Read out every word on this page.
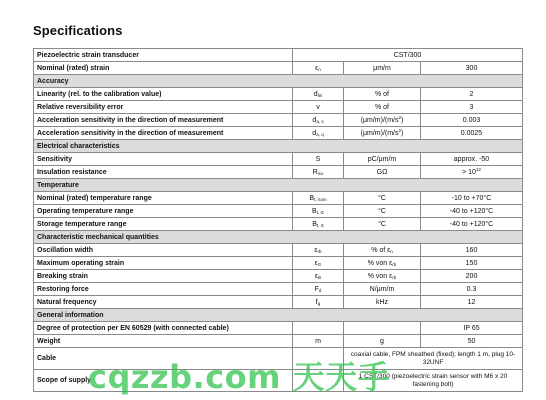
Specifications
Piezoelectric strain transducer	CST/300		
Nominal (rated) strain	$\varepsilon_n$	μm/m	300
Accuracy			
Linearity (rel. to the calibration value)	$d_{lin}$	% of	2
Relative reversibility error	v	% of	3
Acceleration sensitivity in the direction of measurement	$d_{a, s}$	$(\mu m/m)/(m/s^2)$	0.003
Acceleration sensitivity in the direction of measurement	$d_{a, q}$	$(\mu m/m)/(m/s^2)$	0.0025
Electrical characteristics			
Sensitivity	S	pC/μm/m	approx. -50
Insulation resistance	$R_{iso}$	GΩ	> $10^{12}$
Temperature			
Nominal (rated) temperature range	$B_{t, nom}$	°C	-10 to +70°C
Operating temperature range	$B_{t, G}$	°C	-40 to +120°C
Storage temperature range	$B_{t, S}$	°C	-40 to +120°C
Characteristic mechanical quantities			
Oscillation width	$\varepsilon_{rb}$	% of $\varepsilon_n$	160
Maximum operating strain	$\varepsilon_G$	% von $\varepsilon_{rb}$	150
Breaking strain	$\varepsilon_B$	% von $\varepsilon_{rb}$	200
Restoring force	$F_d$	N/μm/m	0.3
Natural frequency	$f_g$	kHz	12
General information			
Degree of protection per EN 60529 (with connected cable)			IP 65
Weight	m	g	50
Cable		coaxial cable, FPM sheathed (fixed); length 1 m, plug 10-32UNF	
Scope of supply		1 CST/300 (piezoelectric strain sensor with M6 x 20 fastening bolt)	
cqzzb.com 天天手
